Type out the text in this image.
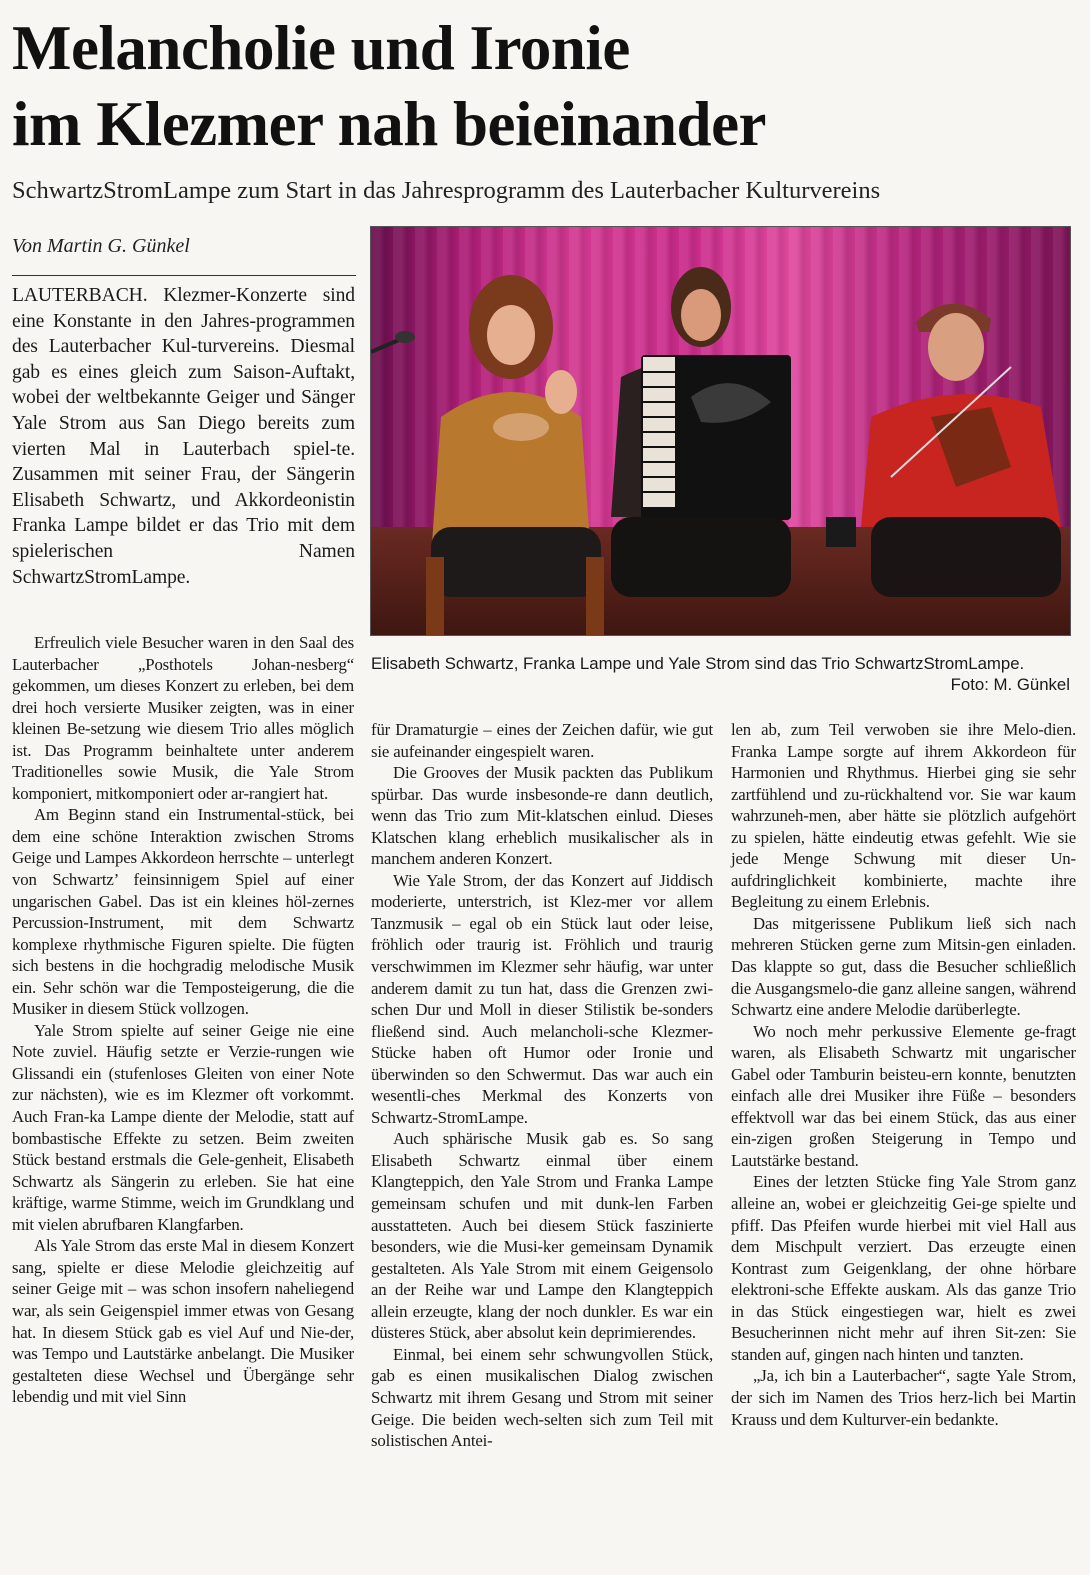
Melancholie und Ironie
im Klezmer nah beieinander

SchwartzStromLampe zum Start in das Jahresprogramm des Lauterbacher Kulturvereins

Von Martin G. Günkel

LAUTERBACH. Klezmer-Konzerte sind eine Konstante in den Jahres-programmen des Lauterbacher Kul-turvereins. Diesmal gab es eines gleich zum Saison-Auftakt, wobei der weltbekannte Geiger und Sänger Yale Strom aus San Diego bereits zum vierten Mal in Lauterbach spiel-te. Zusammen mit seiner Frau, der Sängerin Elisabeth Schwartz, und Akkordeonistin Franka Lampe bildet er das Trio mit dem spielerischen Namen SchwartzStromLampe.

Elisabeth Schwartz, Franka Lampe und Yale Strom sind das Trio SchwartzStromLampe.

Foto: M. Günkel

Erfreulich viele Besucher waren in den Saal des Lauterbacher „Posthotels Johan-nesberg“ gekommen, um dieses Konzert zu erleben, bei dem drei hoch versierte Musiker zeigten, was in einer kleinen Be-setzung wie diesem Trio alles möglich ist. Das Programm beinhaltete unter anderem Traditionelles sowie Musik, die Yale Strom komponiert, mitkomponiert oder ar-rangiert hat.

Am Beginn stand ein Instrumental-stück, bei dem eine schöne Interaktion zwischen Stroms Geige und Lampes Akkordeon herrschte – unterlegt von Schwartz’ feinsinnigem Spiel auf einer ungarischen Gabel. Das ist ein kleines höl-zernes Percussion-Instrument, mit dem Schwartz komplexe rhythmische Figuren spielte. Die fügten sich bestens in die hochgradig melodische Musik ein. Sehr schön war die Temposteigerung, die die Musiker in diesem Stück vollzogen.

Yale Strom spielte auf seiner Geige nie eine Note zuviel. Häufig setzte er Verzie-rungen wie Glissandi ein (stufenloses Gleiten von einer Note zur nächsten), wie es im Klezmer oft vorkommt. Auch Fran-ka Lampe diente der Melodie, statt auf bombastische Effekte zu setzen. Beim zweiten Stück bestand erstmals die Gele-genheit, Elisabeth Schwartz als Sängerin zu erleben. Sie hat eine kräftige, warme Stimme, weich im Grundklang und mit vielen abrufbaren Klangfarben.

Als Yale Strom das erste Mal in diesem Konzert sang, spielte er diese Melodie gleichzeitig auf seiner Geige mit – was schon insofern naheliegend war, als sein Geigenspiel immer etwas von Gesang hat. In diesem Stück gab es viel Auf und Nie-der, was Tempo und Lautstärke anbelangt. Die Musiker gestalteten diese Wechsel und Übergänge sehr lebendig und mit viel Sinn

für Dramaturgie – eines der Zeichen dafür, wie gut sie aufeinander eingespielt waren.

Die Grooves der Musik packten das Publikum spürbar. Das wurde insbesonde-re dann deutlich, wenn das Trio zum Mit-klatschen einlud. Dieses Klatschen klang erheblich musikalischer als in manchem anderen Konzert.

Wie Yale Strom, der das Konzert auf Jiddisch moderierte, unterstrich, ist Klez-mer vor allem Tanzmusik – egal ob ein Stück laut oder leise, fröhlich oder traurig ist. Fröhlich und traurig verschwimmen im Klezmer sehr häufig, war unter anderem damit zu tun hat, dass die Grenzen zwi-schen Dur und Moll in dieser Stilistik be-sonders fließend sind. Auch melancholi-sche Klezmer-Stücke haben oft Humor oder Ironie und überwinden so den Schwermut. Das war auch ein wesentli-ches Merkmal des Konzerts von Schwartz-StromLampe.

Auch sphärische Musik gab es. So sang Elisabeth Schwartz einmal über einem Klangteppich, den Yale Strom und Franka Lampe gemeinsam schufen und mit dunk-len Farben ausstatteten. Auch bei diesem Stück faszinierte besonders, wie die Musi-ker gemeinsam Dynamik gestalteten. Als Yale Strom mit einem Geigensolo an der Reihe war und Lampe den Klangteppich allein erzeugte, klang der noch dunkler. Es war ein düsteres Stück, aber absolut kein deprimierendes.

Einmal, bei einem sehr schwungvollen Stück, gab es einen musikalischen Dialog zwischen Schwartz mit ihrem Gesang und Strom mit seiner Geige. Die beiden wech-selten sich zum Teil mit solistischen Antei-

len ab, zum Teil verwoben sie ihre Melo-dien. Franka Lampe sorgte auf ihrem Akkordeon für Harmonien und Rhythmus. Hierbei ging sie sehr zartfühlend und zu-rückhaltend vor. Sie war kaum wahrzuneh-men, aber hätte sie plötzlich aufgehört zu spielen, hätte eindeutig etwas gefehlt. Wie sie jede Menge Schwung mit dieser Un-aufdringlichkeit kombinierte, machte ihre Begleitung zu einem Erlebnis.

Das mitgerissene Publikum ließ sich nach mehreren Stücken gerne zum Mitsin-gen einladen. Das klappte so gut, dass die Besucher schließlich die Ausgangsmelo-die ganz alleine sangen, während Schwartz eine andere Melodie darüberlegte.

Wo noch mehr perkussive Elemente ge-fragt waren, als Elisabeth Schwartz mit ungarischer Gabel oder Tamburin beisteu-ern konnte, benutzten einfach alle drei Musiker ihre Füße – besonders effektvoll war das bei einem Stück, das aus einer ein-zigen großen Steigerung in Tempo und Lautstärke bestand.

Eines der letzten Stücke fing Yale Strom ganz alleine an, wobei er gleichzeitig Gei-ge spielte und pfiff. Das Pfeifen wurde hierbei mit viel Hall aus dem Mischpult verziert. Das erzeugte einen Kontrast zum Geigenklang, der ohne hörbare elektroni-sche Effekte auskam. Als das ganze Trio in das Stück eingestiegen war, hielt es zwei Besucherinnen nicht mehr auf ihren Sit-zen: Sie standen auf, gingen nach hinten und tanzten.

„Ja, ich bin a Lauterbacher“, sagte Yale Strom, der sich im Namen des Trios herz-lich bei Martin Krauss und dem Kulturver-ein bedankte.
